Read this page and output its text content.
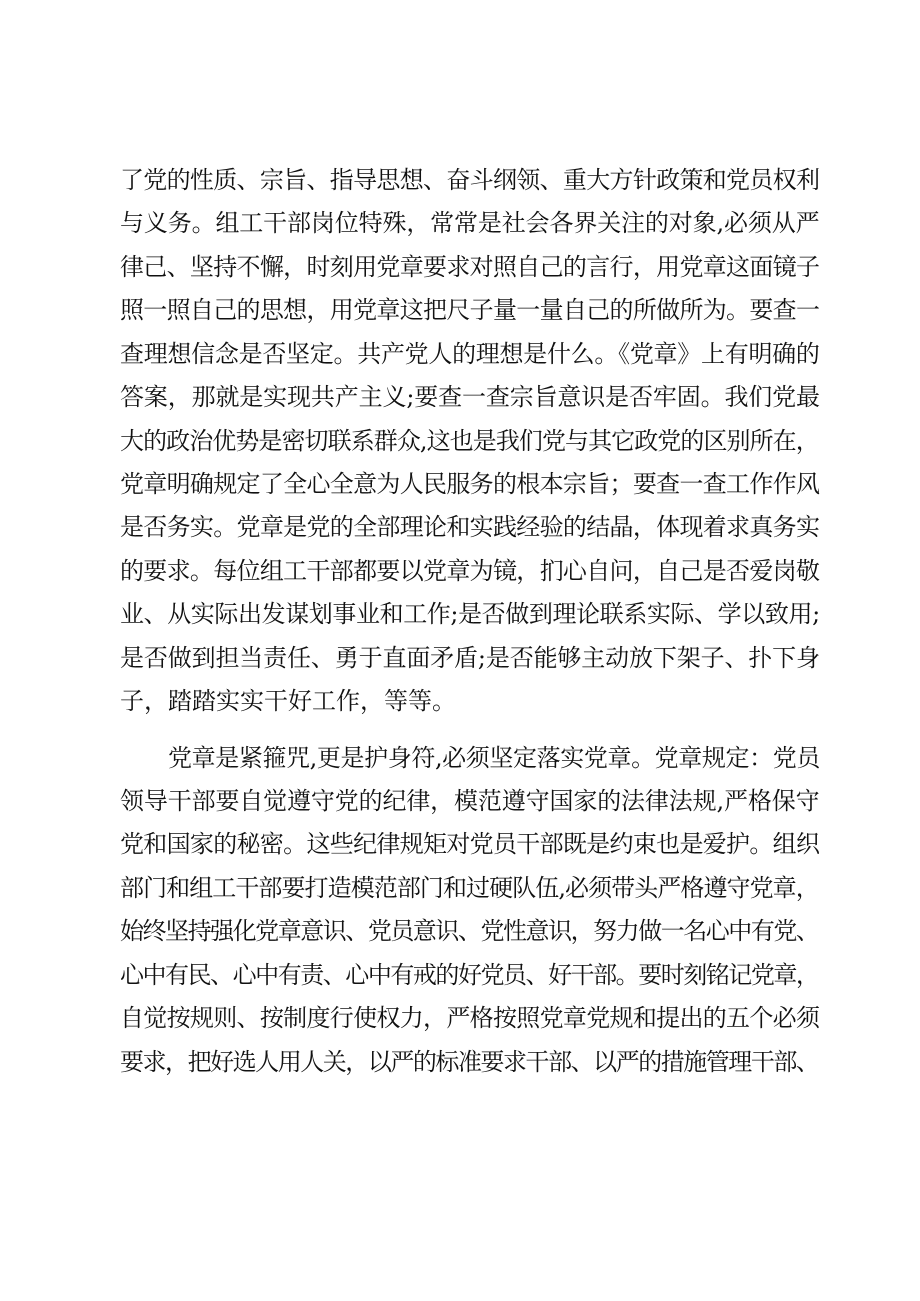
了党的性质、宗旨、指导思想、奋斗纲领、重大方针政策和党员权利
与义务。组工干部岗位特殊，常常是社会各界关注的对象,必须从严
律己、坚持不懈，时刻用党章要求对照自己的言行，用党章这面镜子
照一照自己的思想，用党章这把尺子量一量自己的所做所为。要查一
查理想信念是否坚定。共产党人的理想是什么。《党章》上有明确的
答案，那就是实现共产主义;要查一查宗旨意识是否牢固。我们党最
大的政治优势是密切联系群众,这也是我们党与其它政党的区别所在，
党章明确规定了全心全意为人民服务的根本宗旨；要查一查工作作风
是否务实。党章是党的全部理论和实践经验的结晶，体现着求真务实
的要求。每位组工干部都要以党章为镜，扪心自问，自己是否爱岗敬
业、从实际出发谋划事业和工作;是否做到理论联系实际、学以致用;
是否做到担当责任、勇于直面矛盾;是否能够主动放下架子、扑下身
子，踏踏实实干好工作，等等。
党章是紧箍咒,更是护身符,必须坚定落实党章。党章规定：党员
领导干部要自觉遵守党的纪律，模范遵守国家的法律法规,严格保守
党和国家的秘密。这些纪律规矩对党员干部既是约束也是爱护。组织
部门和组工干部要打造模范部门和过硬队伍,必须带头严格遵守党章，
始终坚持强化党章意识、党员意识、党性意识，努力做一名心中有党、
心中有民、心中有责、心中有戒的好党员、好干部。要时刻铭记党章，
自觉按规则、按制度行使权力，严格按照党章党规和提出的五个必须
要求，把好选人用人关，以严的标准要求干部、以严的措施管理干部、
